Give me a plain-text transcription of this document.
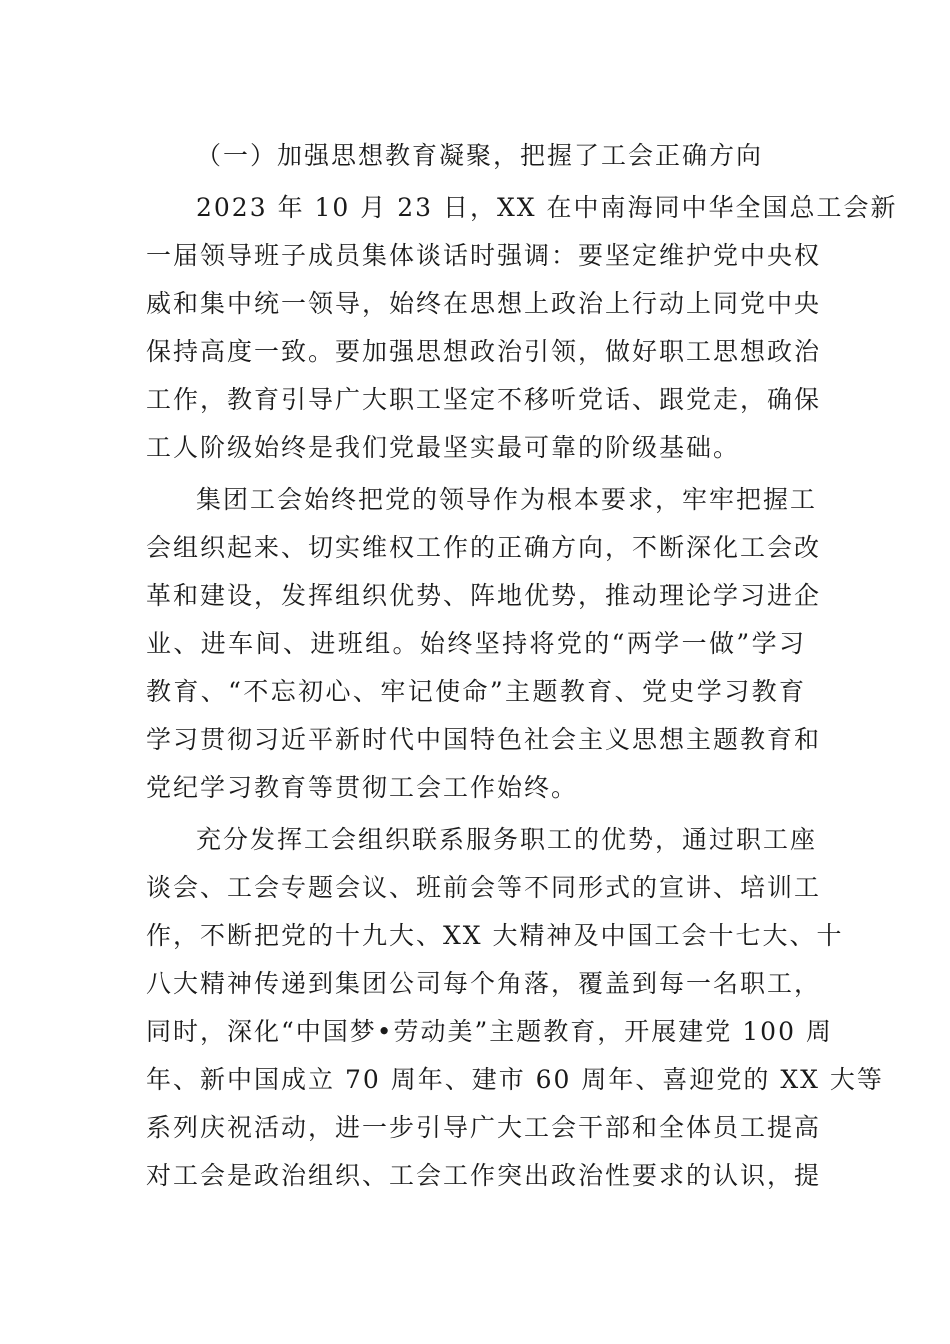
（一）加强思想教育凝聚，把握了工会正确方向
2023 年 10 月 23 日，XX 在中南海同中华全国总工会新
一届领导班子成员集体谈话时强调：要坚定维护党中央权
威和集中统一领导，始终在思想上政治上行动上同党中央
保持高度一致。要加强思想政治引领，做好职工思想政治
工作，教育引导广大职工坚定不移听党话、跟党走，确保
工人阶级始终是我们党最坚实最可靠的阶级基础。
集团工会始终把党的领导作为根本要求，牢牢把握工
会组织起来、切实维权工作的正确方向，不断深化工会改
革和建设，发挥组织优势、阵地优势，推动理论学习进企
业、进车间、进班组。始终坚持将党的“两学一做”学习
教育、“不忘初心、牢记使命”主题教育、党史学习教育
学习贯彻习近平新时代中国特色社会主义思想主题教育和
党纪学习教育等贯彻工会工作始终。
充分发挥工会组织联系服务职工的优势，通过职工座
谈会、工会专题会议、班前会等不同形式的宣讲、培训工
作，不断把党的十九大、XX 大精神及中国工会十七大、十
八大精神传递到集团公司每个角落，覆盖到每一名职工，
同时，深化“中国梦•劳动美”主题教育，开展建党 100 周
年、新中国成立 70 周年、建市 60 周年、喜迎党的 XX 大等
系列庆祝活动，进一步引导广大工会干部和全体员工提高
对工会是政治组织、工会工作突出政治性要求的认识，提
